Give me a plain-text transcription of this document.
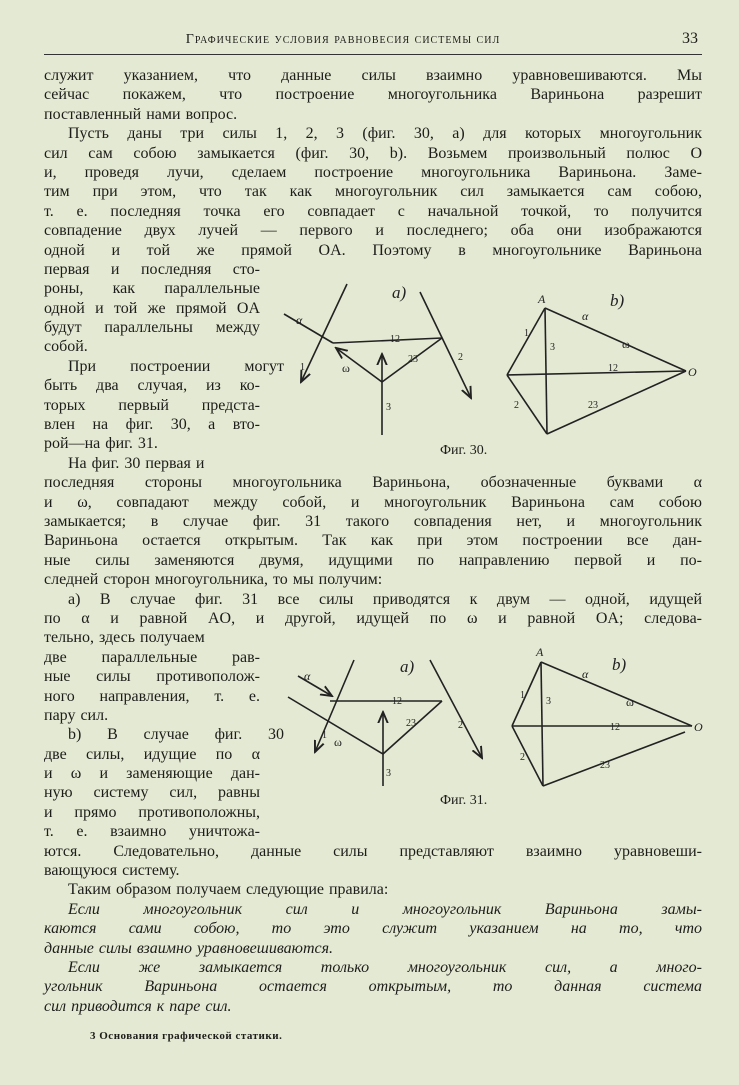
Графические условия равновесия системы сил	33
служит указанием, что данные силы взаимно уравновешиваются. Мы
сейчас покажем, что построение многоугольника Вариньона разрешит
поставленный нами вопрос.
Пусть даны три силы 1, 2, 3 (фиг. 30, a) для которых многоугольник
сил сам собою замыкается (фиг. 30, b). Возьмем произвольный полюс O
и, проведя лучи, сделаем построение многоугольника Вариньона. Заме-
тим при этом, что так как многоугольник сил замыкается сам собою,
т. е. последняя точка его совпадает с начальной точкой, то получится
совпадение двух лучей — первого и последнего; оба они изображаются
одной и той же прямой OA. Поэтому в многоугольнике Вариньона
первая и последняя сто-
роны, как параллельные
одной и той же прямой OA
будут параллельны между
собой.
При построении могут
быть два случая, из ко-
торых первый предста-
влен на фиг. 30, а вто-
рой—на фиг. 31.
На фиг. 30 первая и
последняя стороны многоугольника Вариньона, обозначенные буквами α
и ω, совпадают между собой, и многоугольник Вариньона сам собою
замыкается; в случае фиг. 31 такого совпадения нет, и многоугольник
Вариньона остается открытым. Так как при этом построении все дан-
ные силы заменяются двумя, идущими по направлению первой и по-
следней сторон многоугольника, то мы получим:
а) В случае фиг. 31 все силы приводятся к двум — одной, идущей
по α и равной AO, и другой, идущей по ω и равной OA; следова-
тельно, здесь получаем
две параллельные рав-
ные силы противополож-
ного направления, т. е.
пару сил.
b) В случае фиг. 30
две силы, идущие по α
и ω и заменяющие дан-
ную систему сил, равны
и прямо противоположны,
т. е. взаимно уничтожа-
ются. Следовательно, данные силы представляют взаимно уравновеши-
вающуюся систему.
Таким образом получаем следующие правила:
Если многоугольник сил и многоугольник Вариньона замы-
каются сами собою, то это служит указанием на то, что
данные силы взаимно уравновешиваются.
Если же замыкается только многоугольник сил, а много-
угольник Вариньона остается открытым, то данная система
сил приводится к паре сил.
a)	b)
α
12
ω
1
23
3
2
A
α
ω
1
3
12	O
2	23
Фиг. 30.
a)	b)
α
12
ω
1
23
3
2
A
α
ω
1
3
12	O
2
23
Фиг. 31.
3 Основания графической статики.
